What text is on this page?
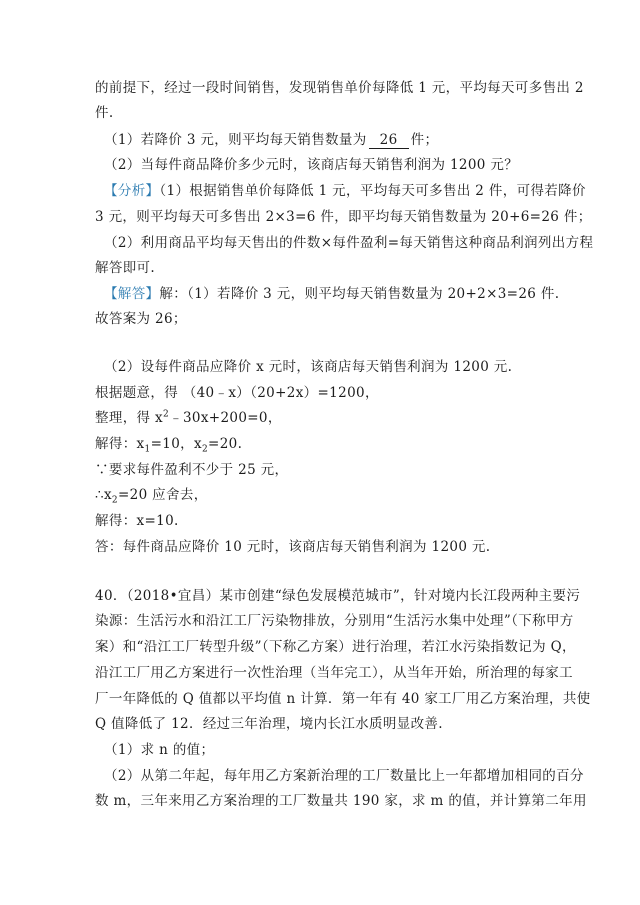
的前提下，经过一段时间销售，发现销售单价每降低 1 元，平均每天可多售出 2
件.
（1）若降价 3 元，则平均每天销售数量为 26 件；
（2）当每件商品降价多少元时，该商店每天销售利润为 1200 元？
【分析】（1）根据销售单价每降低 1 元，平均每天可多售出 2 件，可得若降价
3 元，则平均每天可多售出 2×3=6 件，即平均每天销售数量为 20+6=26 件；
（2）利用商品平均每天售出的件数×每件盈利=每天销售这种商品利润列出方程
解答即可.
【解答】解：（1）若降价 3 元，则平均每天销售数量为 20+2×3=26 件.
故答案为 26；
（2）设每件商品应降价 x 元时，该商店每天销售利润为 1200 元.
根据题意，得 （40﹣x）（20+2x）=1200，
整理，得 $x^2﹣30x+200=0$，
解得：$x_1=10$，$x_2=20$.
∵要求每件盈利不少于 25 元，
$\therefore x_2=20$ 应舍去，
解得：x=10.
答：每件商品应降价 10 元时，该商店每天销售利润为 1200 元.
40．（2018•宜昌）某市创建“绿色发展模范城市”，针对境内长江段两种主要污
染源：生活污水和沿江工厂污染物排放，分别用“生活污水集中处理”（下称甲方
案）和“沿江工厂转型升级”（下称乙方案）进行治理，若江水污染指数记为 Q，
沿江工厂用乙方案进行一次性治理（当年完工），从当年开始，所治理的每家工
厂一年降低的 Q 值都以平均值 n 计算．第一年有 40 家工厂用乙方案治理，共使
Q 值降低了 12．经过三年治理，境内长江水质明显改善.
（1）求 n 的值；
（2）从第二年起，每年用乙方案新治理的工厂数量比上一年都增加相同的百分
数 m，三年来用乙方案治理的工厂数量共 190 家，求 m 的值，并计算第二年用
